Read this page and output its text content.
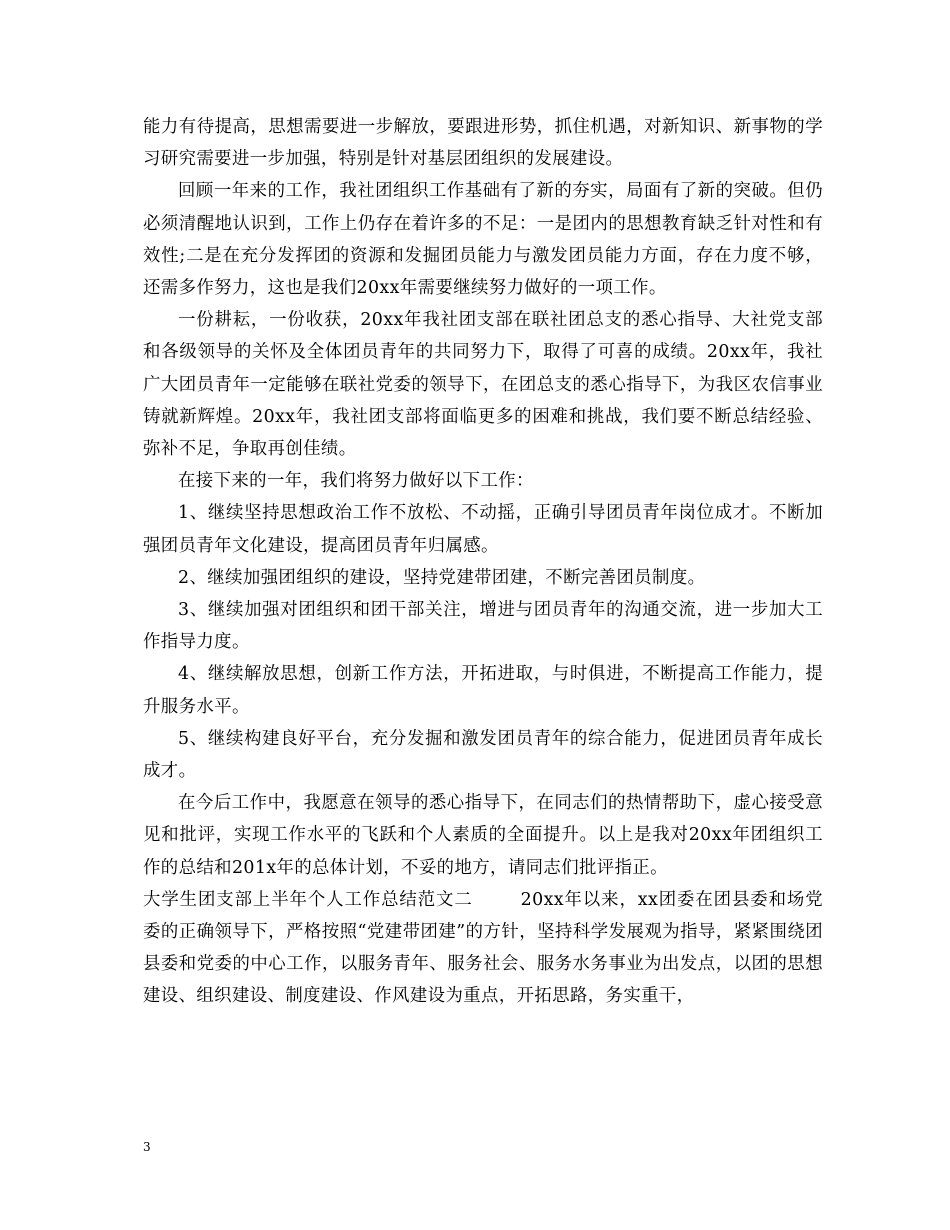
能力有待提高，思想需要进一步解放，要跟进形势，抓住机遇，对新知识、新事物的学习研究需要进一步加强，特别是针对基层团组织的发展建设。

回顾一年来的工作，我社团组织工作基础有了新的夯实，局面有了新的突破。但仍必须清醒地认识到，工作上仍存在着许多的不足：一是团内的思想教育缺乏针对性和有效性;二是在充分发挥团的资源和发掘团员能力与激发团员能力方面，存在力度不够，还需多作努力，这也是我们20xx年需要继续努力做好的一项工作。

一份耕耘，一份收获，20xx年我社团支部在联社团总支的悉心指导、大社党支部和各级领导的关怀及全体团员青年的共同努力下，取得了可喜的成绩。20xx年，我社广大团员青年一定能够在联社党委的领导下，在团总支的悉心指导下，为我区农信事业铸就新辉煌。20xx年，我社团支部将面临更多的困难和挑战，我们要不断总结经验、弥补不足，争取再创佳绩。

在接下来的一年，我们将努力做好以下工作：

1、继续坚持思想政治工作不放松、不动摇，正确引导团员青年岗位成才。不断加强团员青年文化建设，提高团员青年归属感。

2、继续加强团组织的建设，坚持党建带团建，不断完善团员制度。

3、继续加强对团组织和团干部关注，增进与团员青年的沟通交流，进一步加大工作指导力度。

4、继续解放思想，创新工作方法，开拓进取，与时俱进，不断提高工作能力，提升服务水平。

5、继续构建良好平台，充分发掘和激发团员青年的综合能力，促进团员青年成长成才。

在今后工作中，我愿意在领导的悉心指导下，在同志们的热情帮助下，虚心接受意见和批评，实现工作水平的飞跃和个人素质的全面提升。以上是我对20xx年团组织工作的总结和201x年的总体计划，不妥的地方，请同志们批评指正。

大学生团支部上半年个人工作总结范文二	20xx年以来，xx团委在团县委和场党委的正确领导下，严格按照“党建带团建”的方针，坚持科学发展观为指导，紧紧围绕团县委和党委的中心工作，以服务青年、服务社会、服务水务事业为出发点，以团的思想建设、组织建设、制度建设、作风建设为重点，开拓思路，务实重干，

3
